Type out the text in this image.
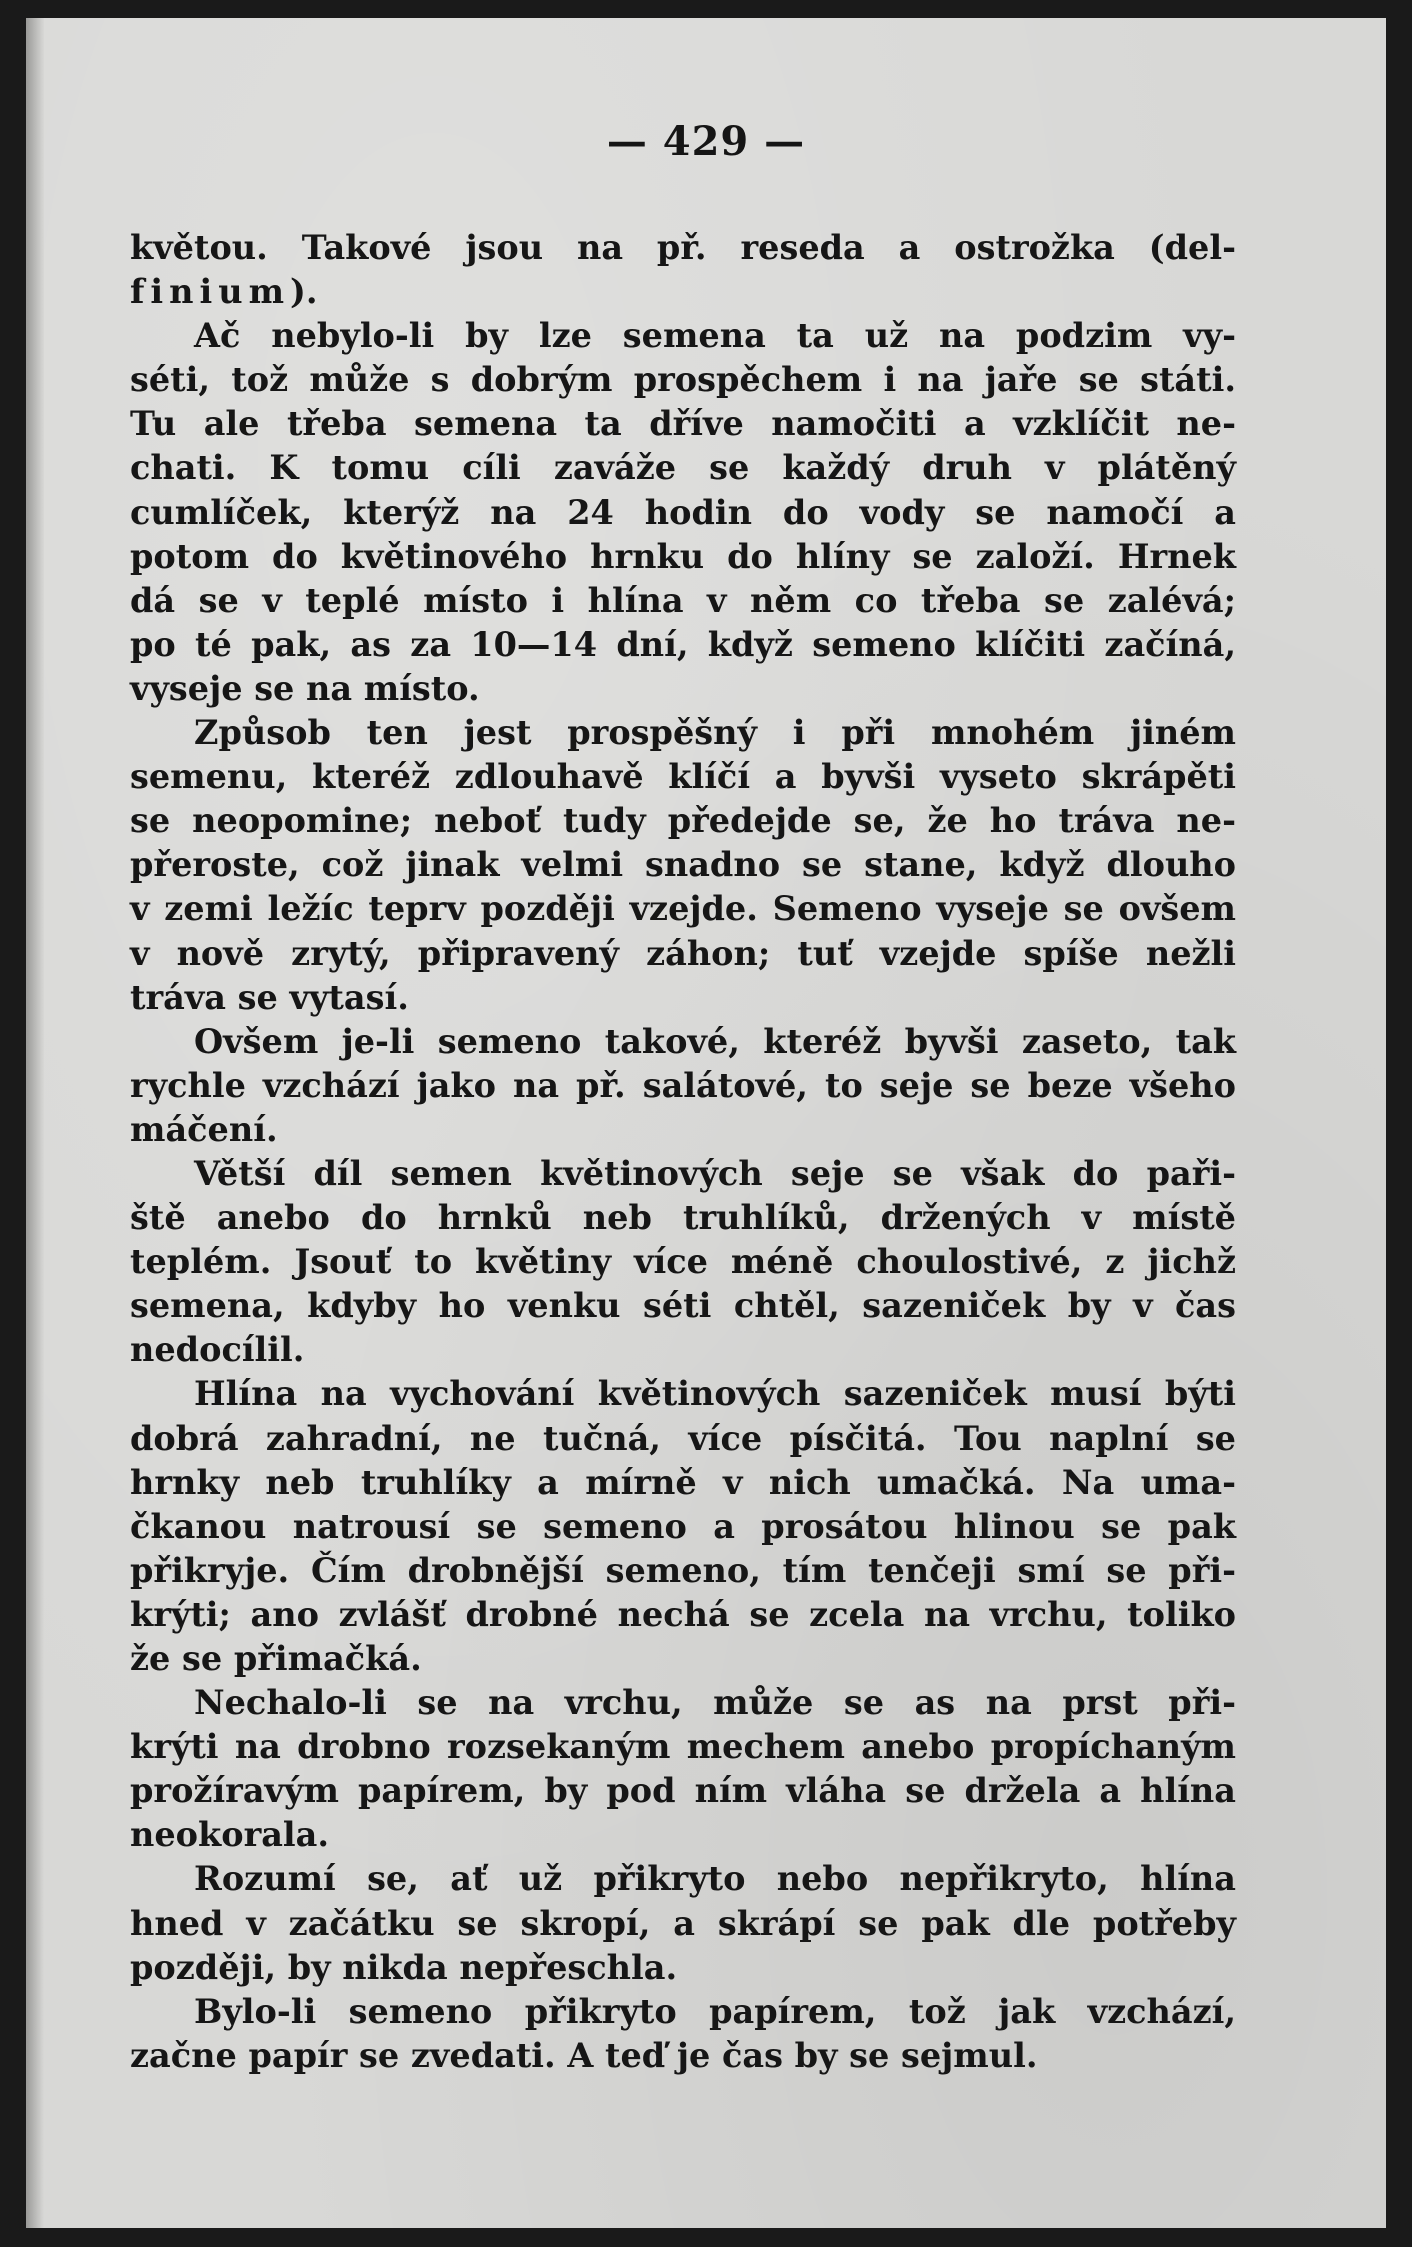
— 429 —
květou. Takové jsou na př. reseda a ostrožka (del-
finium).
Ač nebylo-li by lze semena ta už na podzim vy-
séti, tož může s dobrým prospěchem i na jaře se státi.
Tu ale třeba semena ta dříve namočiti a vzklíčit ne-
chati. K tomu cíli zaváže se každý druh v plátěný
cumlíček, kterýž na 24 hodin do vody se namočí a
potom do květinového hrnku do hlíny se založí. Hrnek
dá se v teplé místo i hlína v něm co třeba se zalévá;
po té pak, as za 10—14 dní, když semeno klíčiti začíná,
vyseje se na místo.
Způsob ten jest prospěšný i při mnohém jiném
semenu, kteréž zdlouhavě klíčí a byvši vyseto skrápěti
se neopomine; neboť tudy předejde se, že ho tráva ne-
přeroste, což jinak velmi snadno se stane, když dlouho
v zemi ležíc teprv později vzejde. Semeno vyseje se ovšem
v nově zrytý, připravený záhon; tuť vzejde spíše nežli
tráva se vytasí.
Ovšem je-li semeno takové, kteréž byvši zaseto, tak
rychle vzchází jako na př. salátové, to seje se beze všeho
máčení.
Větší díl semen květinových seje se však do paři-
ště anebo do hrnků neb truhlíků, držených v místě
teplém. Jsouť to květiny více méně choulostivé, z jichž
semena, kdyby ho venku séti chtěl, sazeniček by v čas
nedocílil.
Hlína na vychování květinových sazeniček musí býti
dobrá zahradní, ne tučná, více písčitá. Tou naplní se
hrnky neb truhlíky a mírně v nich umačká. Na uma-
čkanou natrousí se semeno a prosátou hlinou se pak
přikryje. Čím drobnější semeno, tím tenčeji smí se při-
krýti; ano zvlášť drobné nechá se zcela na vrchu, toliko
že se přimačká.
Nechalo-li se na vrchu, může se as na prst při-
krýti na drobno rozsekaným mechem anebo propíchaným
prožíravým papírem, by pod ním vláha se držela a hlína
neokorala.
Rozumí se, ať už přikryto nebo nepřikryto, hlína
hned v začátku se skropí, a skrápí se pak dle potřeby
později, by nikda nepřeschla.
Bylo-li semeno přikryto papírem, tož jak vzchází,
začne papír se zvedati. A teď je čas by se sejmul.
